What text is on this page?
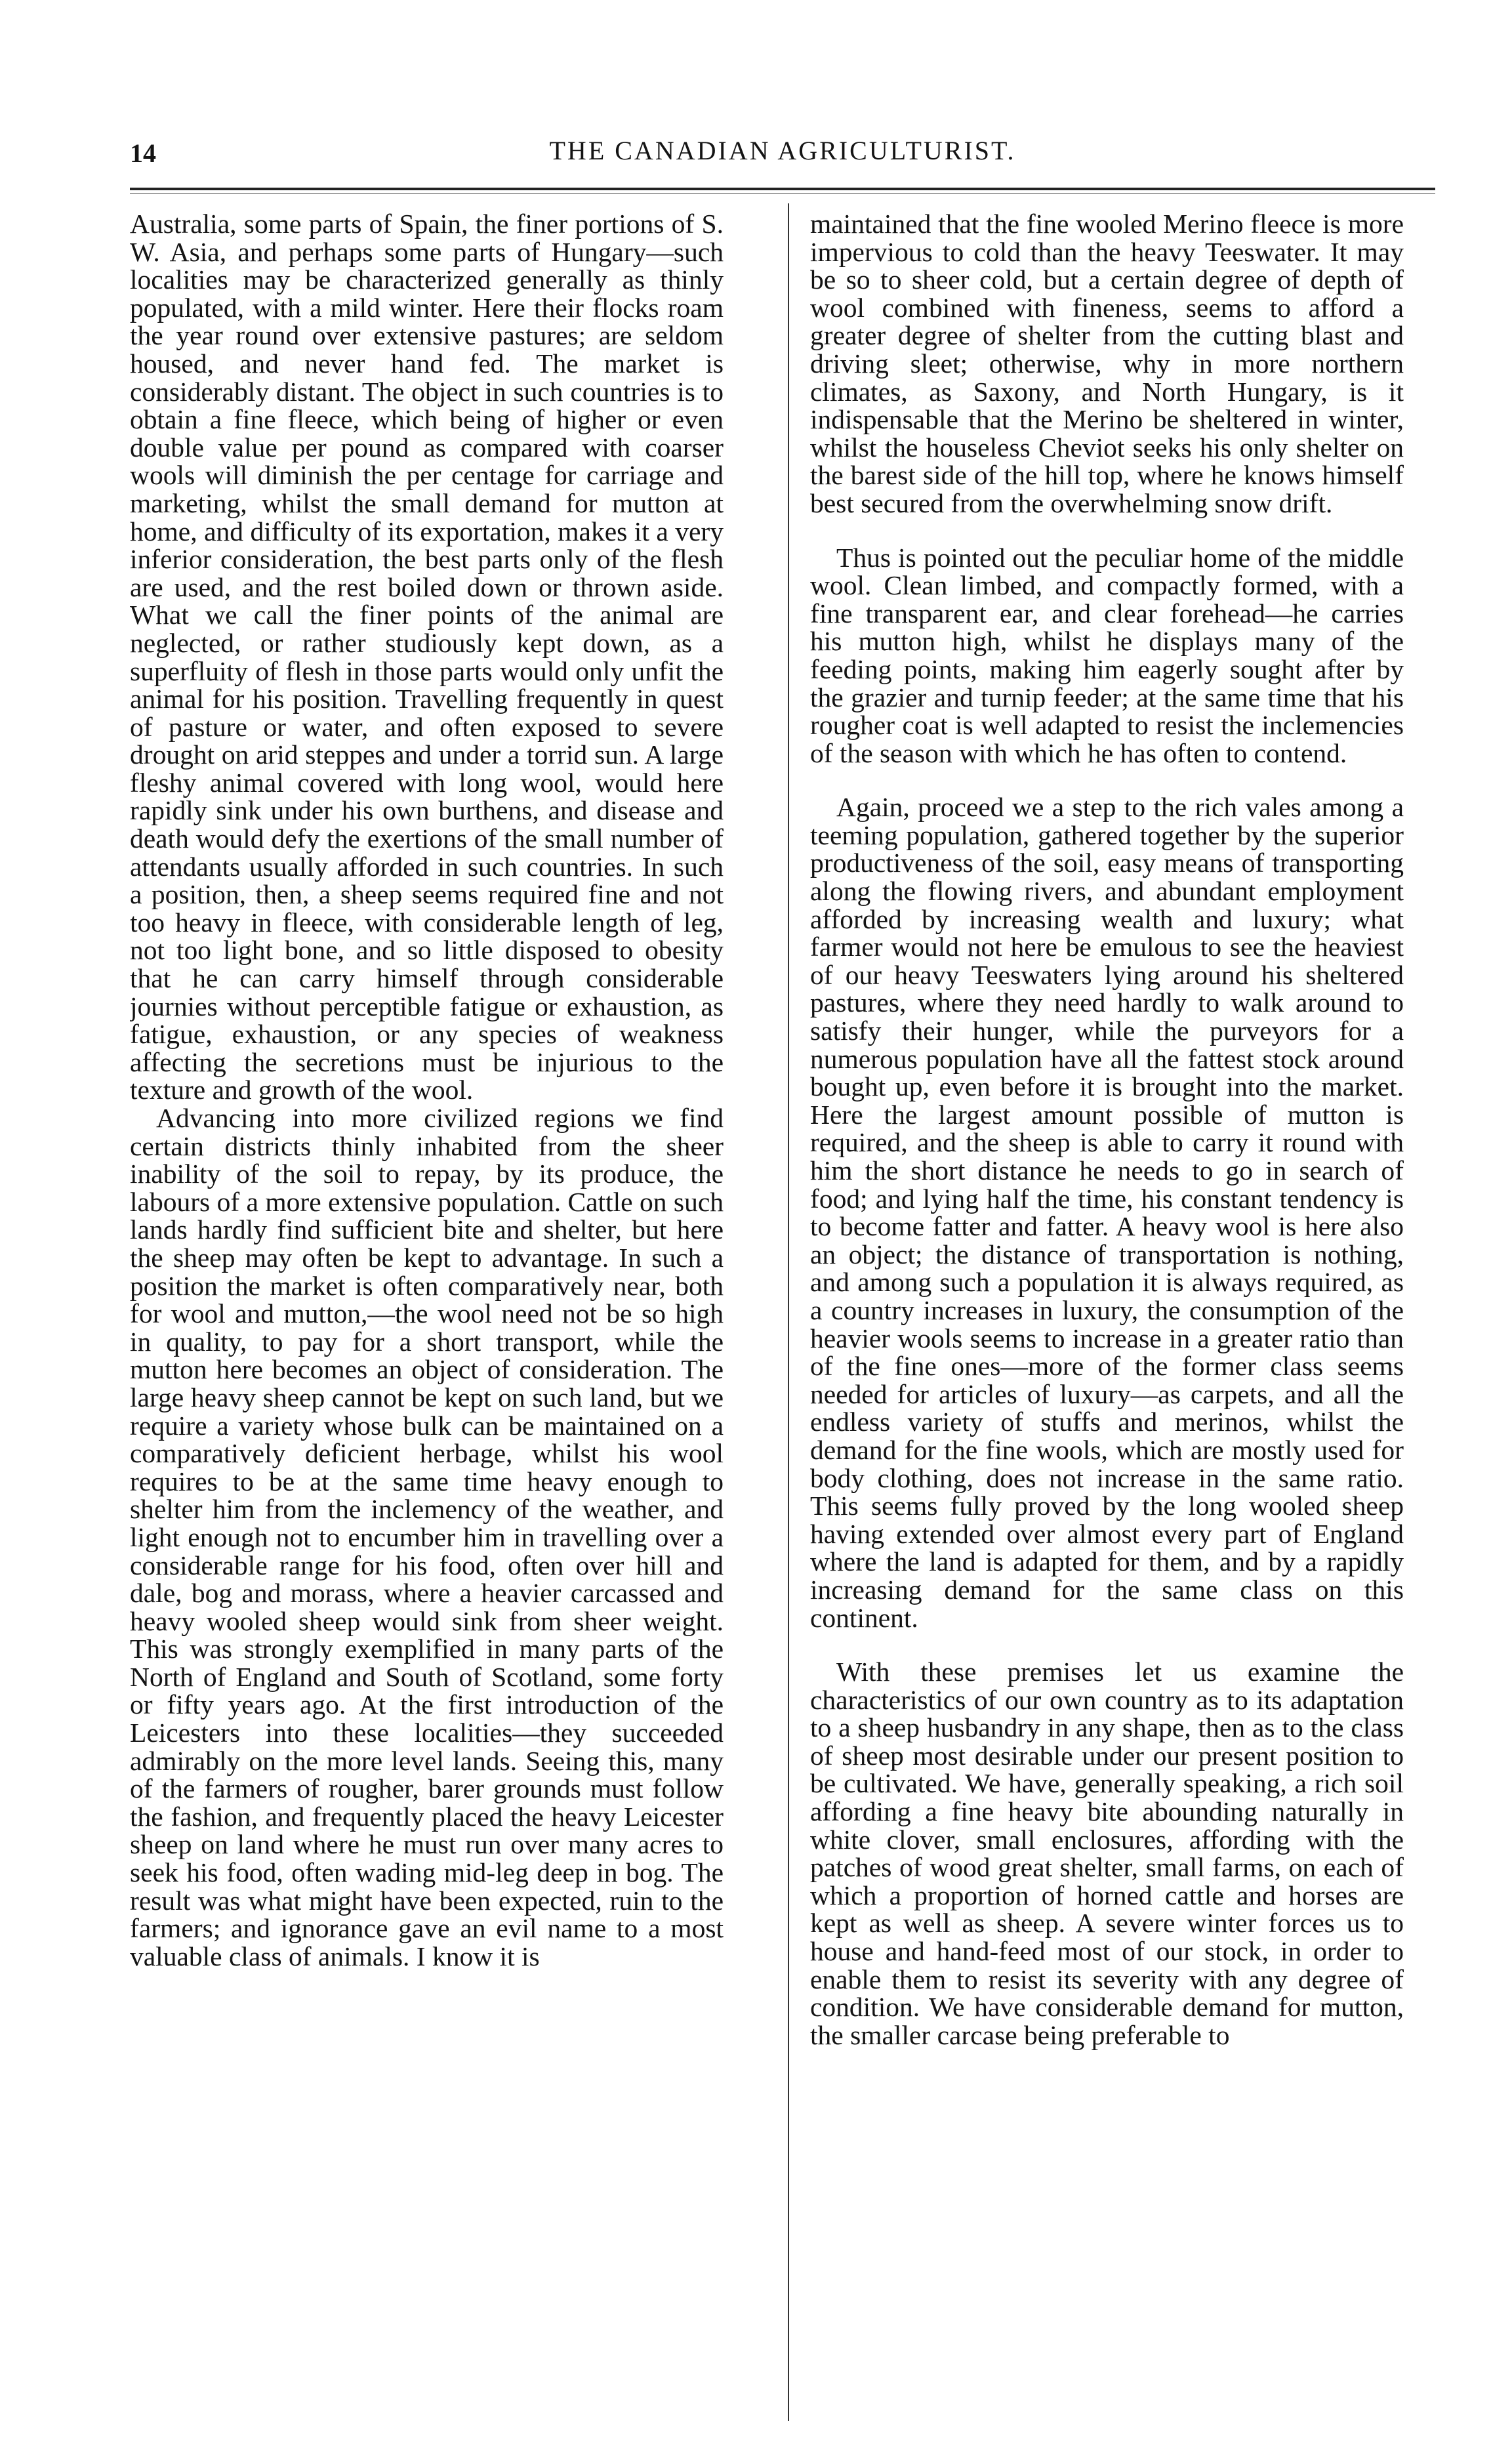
14	THE CANADIAN AGRICULTURIST.

Australia, some parts of Spain, the finer portions of S. W. Asia, and perhaps some parts of Hungary—such localities may be characterized generally as thinly populated, with a mild winter. Here their flocks roam the year round over extensive pastures; are seldom housed, and never hand fed. The market is considerably distant. The object in such countries is to obtain a fine fleece, which being of higher or even double value per pound as compared with coarser wools will diminish the per centage for carriage and marketing, whilst the small demand for mutton at home, and difficulty of its exportation, makes it a very inferior consideration, the best parts only of the flesh are used, and the rest boiled down or thrown aside. What we call the finer points of the animal are neglected, or rather studiously kept down, as a superfluity of flesh in those parts would only unfit the animal for his position. Travelling frequently in quest of pasture or water, and often exposed to severe drought on arid steppes and under a torrid sun. A large fleshy animal covered with long wool, would here rapidly sink under his own burthens, and disease and death would defy the exertions of the small number of attendants usually afforded in such countries. In such a position, then, a sheep seems required fine and not too heavy in fleece, with considerable length of leg, not too light bone, and so little disposed to obesity that he can carry himself through considerable journies without perceptible fatigue or exhaustion, as fatigue, exhaustion, or any species of weakness affecting the secretions must be injurious to the texture and growth of the wool.

Advancing into more civilized regions we find certain districts thinly inhabited from the sheer inability of the soil to repay, by its produce, the labours of a more extensive population. Cattle on such lands hardly find sufficient bite and shelter, but here the sheep may often be kept to advantage. In such a position the market is often comparatively near, both for wool and mutton,—the wool need not be so high in quality, to pay for a short transport, while the mutton here becomes an object of consideration. The large heavy sheep cannot be kept on such land, but we require a variety whose bulk can be maintained on a comparatively deficient herbage, whilst his wool requires to be at the same time heavy enough to shelter him from the inclemency of the weather, and light enough not to encumber him in travelling over a considerable range for his food, often over hill and dale, bog and morass, where a heavier carcassed and heavy wooled sheep would sink from sheer weight. This was strongly exemplified in many parts of the North of England and South of Scotland, some forty or fifty years ago. At the first introduction of the Leicesters into these localities—they succeeded admirably on the more level lands. Seeing this, many of the farmers of rougher, barer grounds must follow the fashion, and frequently placed the heavy Leicester sheep on land where he must run over many acres to seek his food, often wading mid-leg deep in bog. The result was what might have been expected, ruin to the farmers; and ignorance gave an evil name to a most valuable class of animals. I know it is

maintained that the fine wooled Merino fleece is more impervious to cold than the heavy Teeswater. It may be so to sheer cold, but a certain degree of depth of wool combined with fineness, seems to afford a greater degree of shelter from the cutting blast and driving sleet; otherwise, why in more northern climates, as Saxony, and North Hungary, is it indispensable that the Merino be sheltered in winter, whilst the houseless Cheviot seeks his only shelter on the barest side of the hill top, where he knows himself best secured from the overwhelming snow drift.

Thus is pointed out the peculiar home of the middle wool. Clean limbed, and compactly formed, with a fine transparent ear, and clear forehead—he carries his mutton high, whilst he displays many of the feeding points, making him eagerly sought after by the grazier and turnip feeder; at the same time that his rougher coat is well adapted to resist the inclemencies of the season with which he has often to contend.

Again, proceed we a step to the rich vales among a teeming population, gathered together by the superior productiveness of the soil, easy means of transporting along the flowing rivers, and abundant employment afforded by increasing wealth and luxury; what farmer would not here be emulous to see the heaviest of our heavy Teeswaters lying around his sheltered pastures, where they need hardly to walk around to satisfy their hunger, while the purveyors for a numerous population have all the fattest stock around bought up, even before it is brought into the market. Here the largest amount possible of mutton is required, and the sheep is able to carry it round with him the short distance he needs to go in search of food; and lying half the time, his constant tendency is to become fatter and fatter. A heavy wool is here also an object; the distance of transportation is nothing, and among such a population it is always required, as a country increases in luxury, the consumption of the heavier wools seems to increase in a greater ratio than of the fine ones—more of the former class seems needed for articles of luxury—as carpets, and all the endless variety of stuffs and merinos, whilst the demand for the fine wools, which are mostly used for body clothing, does not increase in the same ratio. This seems fully proved by the long wooled sheep having extended over almost every part of England where the land is adapted for them, and by a rapidly increasing demand for the same class on this continent.

With these premises let us examine the characteristics of our own country as to its adaptation to a sheep husbandry in any shape, then as to the class of sheep most desirable under our present position to be cultivated. We have, generally speaking, a rich soil affording a fine heavy bite abounding naturally in white clover, small enclosures, affording with the patches of wood great shelter, small farms, on each of which a proportion of horned cattle and horses are kept as well as sheep. A severe winter forces us to house and hand-feed most of our stock, in order to enable them to resist its severity with any degree of condition. We have considerable demand for mutton, the smaller carcase being preferable to
